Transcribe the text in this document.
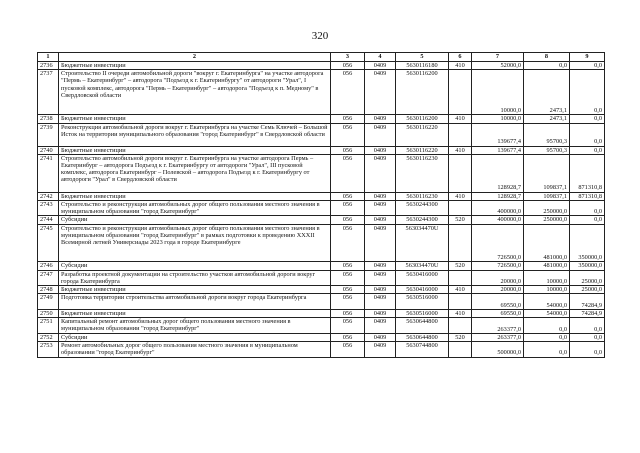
320
1	2	3	4	5	6	7	8	9
2736	Бюджетные инвестиции	056	0409	5630116180	410	52000,0	0,0	0,0
2737	Строительство II очереди автомобильной дороги "вокруг г. Екатеринбурга" на участке автодорога "Пермь – Екатеринбург" – автодорога "Подъезд к г. Екатеринбургу" от автодороги "Урал", I пусковой комплекс, автодорога "Пермь – Екатеринбург" – автодорога "Подъезд к п. Медному" в Свердловской области	056	0409	5630116200		10000,0	2473,1	0,0
2738	Бюджетные инвестиции	056	0409	5630116200	410	10000,0	2473,1	0,0
2739	Реконструкция автомобильной дороги вокруг г. Екатеринбурга на участке Семь Ключей – Большой Исток на территории муниципального образования "город Екатеринбург" в Свердловской области	056	0409	5630116220		139677,4	95700,3	0,0
2740	Бюджетные инвестиции	056	0409	5630116220	410	139677,4	95700,3	0,0
2741	Строительство автомобильной дороги вокруг г. Екатеринбурга на участке автодорога Пермь – Екатеринбург – автодорога Подъезд к г. Екатеринбургу от автодороги "Урал", III пусковой комплекс, автодорога Екатеринбург – Полевской – автодорога Подъезд к г. Екатеринбургу от автодороги "Урал" в Свердловской области	056	0409	5630116230		128928,7	109837,1	871310,8
2742	Бюджетные инвестиции	056	0409	5630116230	410	128928,7	109837,1	871310,8
2743	Строительство и реконструкция автомобильных дорог общего пользования местного значения в муниципальном образовании "город Екатеринбург"	056	0409	5630244300		400000,0	250000,0	0,0
2744	Субсидии	056	0409	5630244300	520	400000,0	250000,0	0,0
2745	Строительство и реконструкция автомобильных дорог общего пользования местного значения в муниципальном образовании "город Екатеринбург" в рамках подготовки к проведению XXXII Всемирной летней Универсиады 2023 года в городе Екатеринбурге	056	0409	563034470U		726500,0	481000,0	350000,0
2746	Субсидии	056	0409	563034470U	520	726500,0	481000,0	350000,0
2747	Разработка проектной документации на строительство участков автомобильной дороги вокруг города Екатеринбурга	056	0409	5630416000		20000,0	10000,0	25000,0
2748	Бюджетные инвестиции	056	0409	5630416000	410	20000,0	10000,0	25000,0
2749	Подготовка территории строительства автомобильной дороги вокруг города Екатеринбурга	056	0409	5630516000		69550,0	54000,0	74284,9
2750	Бюджетные инвестиции	056	0409	5630516000	410	69550,0	54000,0	74284,9
2751	Капитальный ремонт автомобильных дорог общего пользования местного значения в муниципальном образовании "город Екатеринбург"	056	0409	5630644800		263377,0	0,0	0,0
2752	Субсидии	056	0409	5630644800	520	263377,0	0,0	0,0
2753	Ремонт автомобильных дорог общего пользования местного значения в муниципальном образовании "город Екатеринбург"	056	0409	5630744800		500000,0	0,0	0,0
